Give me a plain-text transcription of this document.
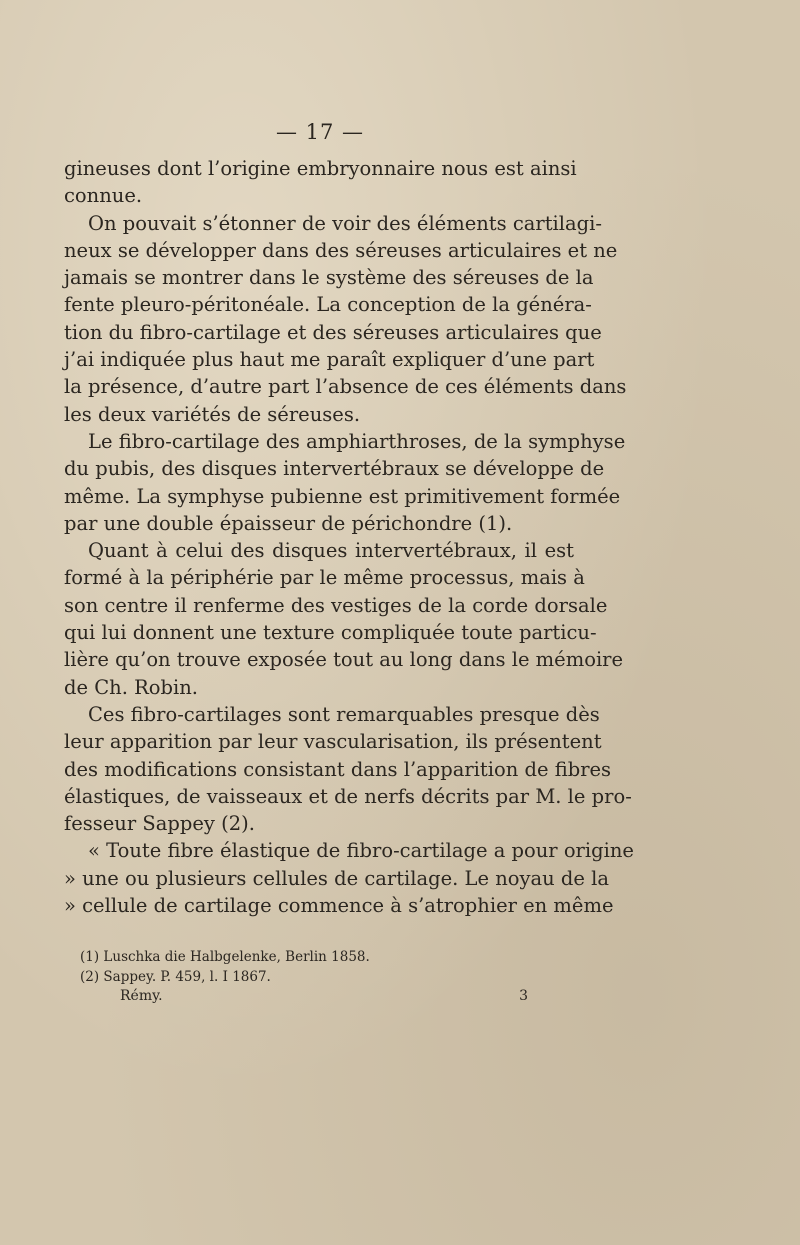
— 17 —
gineuses dont l’origine embryonnaire nous est ainsi
connue.
On pouvait s’étonner de voir des éléments cartilagi-
neux se développer dans des séreuses articulaires et ne
jamais se montrer dans le système des séreuses de la
fente pleuro-péritonéale. La conception de la généra-
tion du fibro-cartilage et des séreuses articulaires que
j’ai indiquée plus haut me paraît expliquer d’une part
la présence, d’autre part l’absence de ces éléments dans
les deux variétés de séreuses.
Le fibro-cartilage des amphiarthroses, de la symphyse
du pubis, des disques intervertébraux se développe de
même. La symphyse pubienne est primitivement formée
par une double épaisseur de périchondre (1).
Quant à celui des disques intervertébraux, il est
formé à la périphérie par le même processus, mais à
son centre il renferme des vestiges de la corde dorsale
qui lui donnent une texture compliquée toute particu-
lière qu’on trouve exposée tout au long dans le mémoire
de Ch. Robin.
Ces fibro-cartilages sont remarquables presque dès
leur apparition par leur vascularisation, ils présentent
des modifications consistant dans l’apparition de fibres
élastiques, de vaisseaux et de nerfs décrits par M. le pro-
fesseur Sappey (2).
« Toute fibre élastique de fibro-cartilage a pour origine
» une ou plusieurs cellules de cartilage. Le noyau de la
» cellule de cartilage commence à s’atrophier en même
(1) Luschka die Halbgelenke, Berlin 1858.
(2) Sappey. P. 459, l. I 1867.
Rémy.	3
